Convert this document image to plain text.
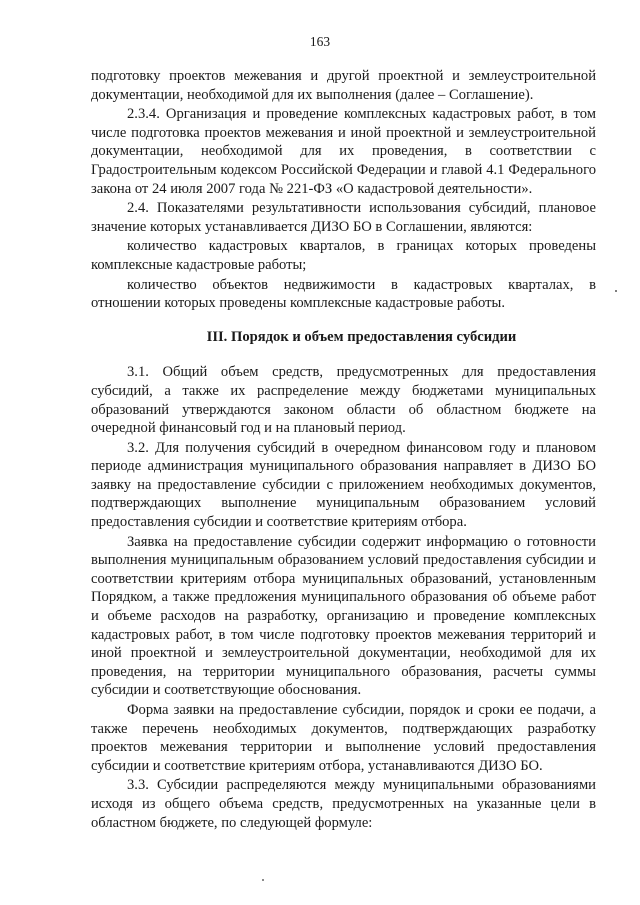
163

подготовку проектов межевания и другой проектной и землеустроительной документации, необходимой для их выполнения (далее – Соглашение).

2.3.4. Организация и проведение комплексных кадастровых работ, в том числе подготовка проектов межевания и иной проектной и землеустроительной документации, необходимой для их проведения, в соответствии с Градостроительным кодексом Российской Федерации и главой 4.1 Федерального закона от 24 июля 2007 года № 221-ФЗ «О кадастровой деятельности».

2.4. Показателями результативности использования субсидий, плановое значение которых устанавливается ДИЗО БО в Соглашении, являются:

количество кадастровых кварталов, в границах которых проведены комплексные кадастровые работы;

количество объектов недвижимости в кадастровых кварталах, в отношении которых проведены комплексные кадастровые работы.

III. Порядок и объем предоставления субсидии

3.1. Общий объем средств, предусмотренных для предоставления субсидий, а также их распределение между бюджетами муниципальных образований утверждаются законом области об областном бюджете на очередной финансовый год и на плановый период.

3.2. Для получения субсидий в очередном финансовом году и плановом периоде администрация муниципального образования направляет в ДИЗО БО заявку на предоставление субсидии с приложением необходимых документов, подтверждающих выполнение муниципальным образованием условий предоставления субсидии и соответствие критериям отбора.

Заявка на предоставление субсидии содержит информацию о готовности выполнения муниципальным образованием условий предоставления субсидии и соответствии критериям отбора муниципальных образований, установленным Порядком, а также предложения муниципального образования об объеме работ и объеме расходов на разработку, организацию и проведение комплексных кадастровых работ, в том числе подготовку проектов межевания территорий и иной проектной и землеустроительной документации, необходимой для их проведения, на территории муниципального образования, расчеты суммы субсидии и соответствующие обоснования.

Форма заявки на предоставление субсидии, порядок и сроки ее подачи, а также перечень необходимых документов, подтверждающих разработку проектов межевания территории и выполнение условий предоставления субсидии и соответствие критериям отбора, устанавливаются ДИЗО БО.

3.3. Субсидии распределяются между муниципальными образованиями исходя из общего объема средств, предусмотренных на указанные цели в областном бюджете, по следующей формуле:
